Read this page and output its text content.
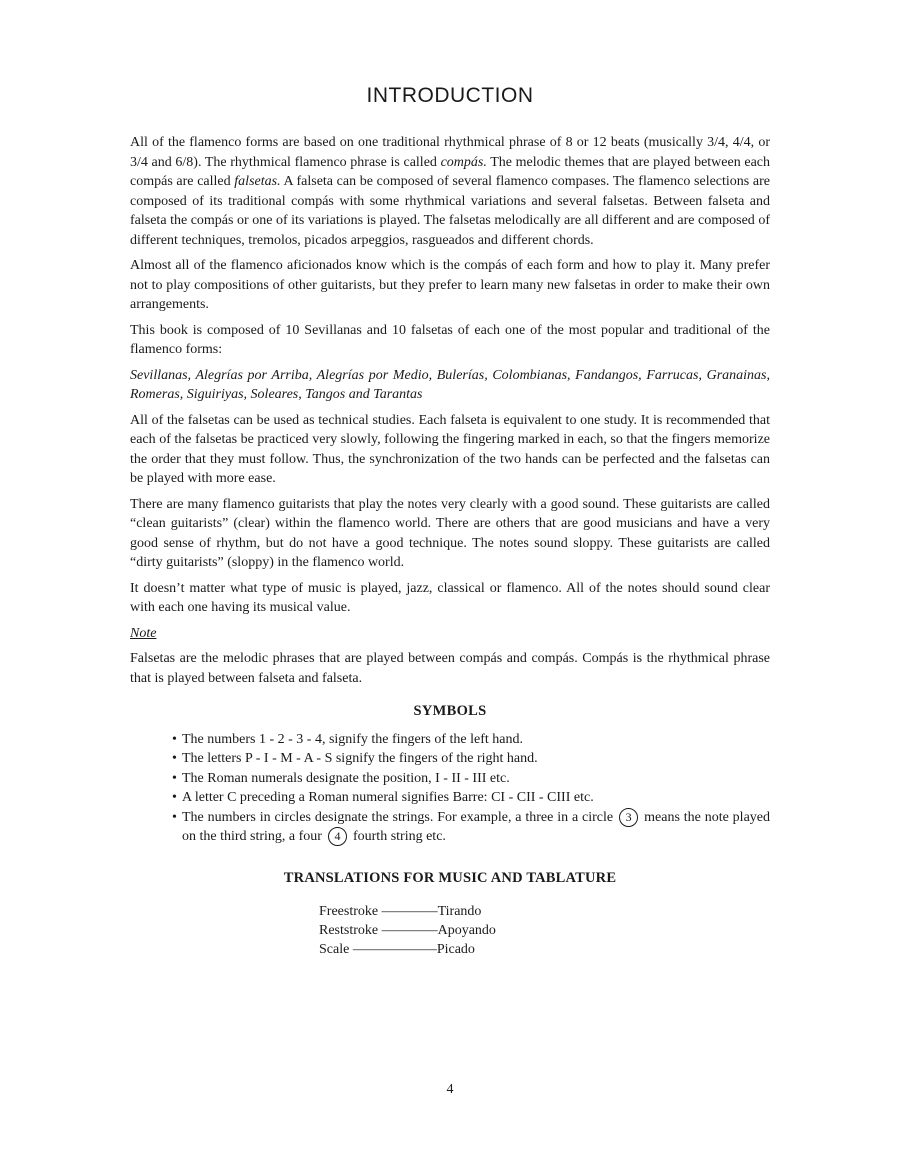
INTRODUCTION

All of the flamenco forms are based on one traditional rhythmical phrase of 8 or 12 beats (musically 3/4, 4/4, or 3/4 and 6/8). The rhythmical flamenco phrase is called compás. The melodic themes that are played between each compás are called falsetas. A falseta can be composed of several flamenco compases. The flamenco selections are composed of its traditional compás with some rhythmical variations and several falsetas. Between falseta and falseta the compás or one of its variations is played. The falsetas melodically are all different and are composed of different techniques, tremolos, picados arpeggios, rasgueados and different chords.

Almost all of the flamenco aficionados know which is the compás of each form and how to play it. Many prefer not to play compositions of other guitarists, but they prefer to learn many new falsetas in order to make their own arrangements.

This book is composed of 10 Sevillanas and 10 falsetas of each one of the most popular and traditional of the flamenco forms:

Sevillanas, Alegrías por Arriba, Alegrías por Medio, Bulerías, Colombianas, Fandangos, Farrucas, Granainas, Romeras, Siguiriyas, Soleares, Tangos and Tarantas

All of the falsetas can be used as technical studies. Each falseta is equivalent to one study. It is recommended that each of the falsetas be practiced very slowly, following the fingering marked in each, so that the fingers memorize the order that they must follow. Thus, the synchronization of the two hands can be perfected and the falsetas can be played with more ease.

There are many flamenco guitarists that play the notes very clearly with a good sound. These guitarists are called “clean guitarists” (clear) within the flamenco world. There are others that are good musicians and have a very good sense of rhythm, but do not have a good technique. The notes sound sloppy. These guitarists are called “dirty guitarists” (sloppy) in the flamenco world.

It doesn’t matter what type of music is played, jazz, classical or flamenco. All of the notes should sound clear with each one having its musical value.

Note

Falsetas are the melodic phrases that are played between compás and compás. Compás is the rhythmical phrase that is played between falseta and falseta.

SYMBOLS
• The numbers 1 - 2 - 3 - 4, signify the fingers of the left hand.
• The letters P - I - M - A - S signify the fingers of the right hand.
• The Roman numerals designate the position, I - II - III etc.
• A letter C preceding a Roman numeral signifies Barre: CI - CII - CIII etc.
• The numbers in circles designate the strings. For example, a three in a circle 3 means the note played on the third string, a four 4 fourth string etc.
TRANSLATIONS FOR MUSIC AND TABLATURE
Freestroke ————Tirando
Reststroke ————Apoyando
Scale ——————Picado
4
